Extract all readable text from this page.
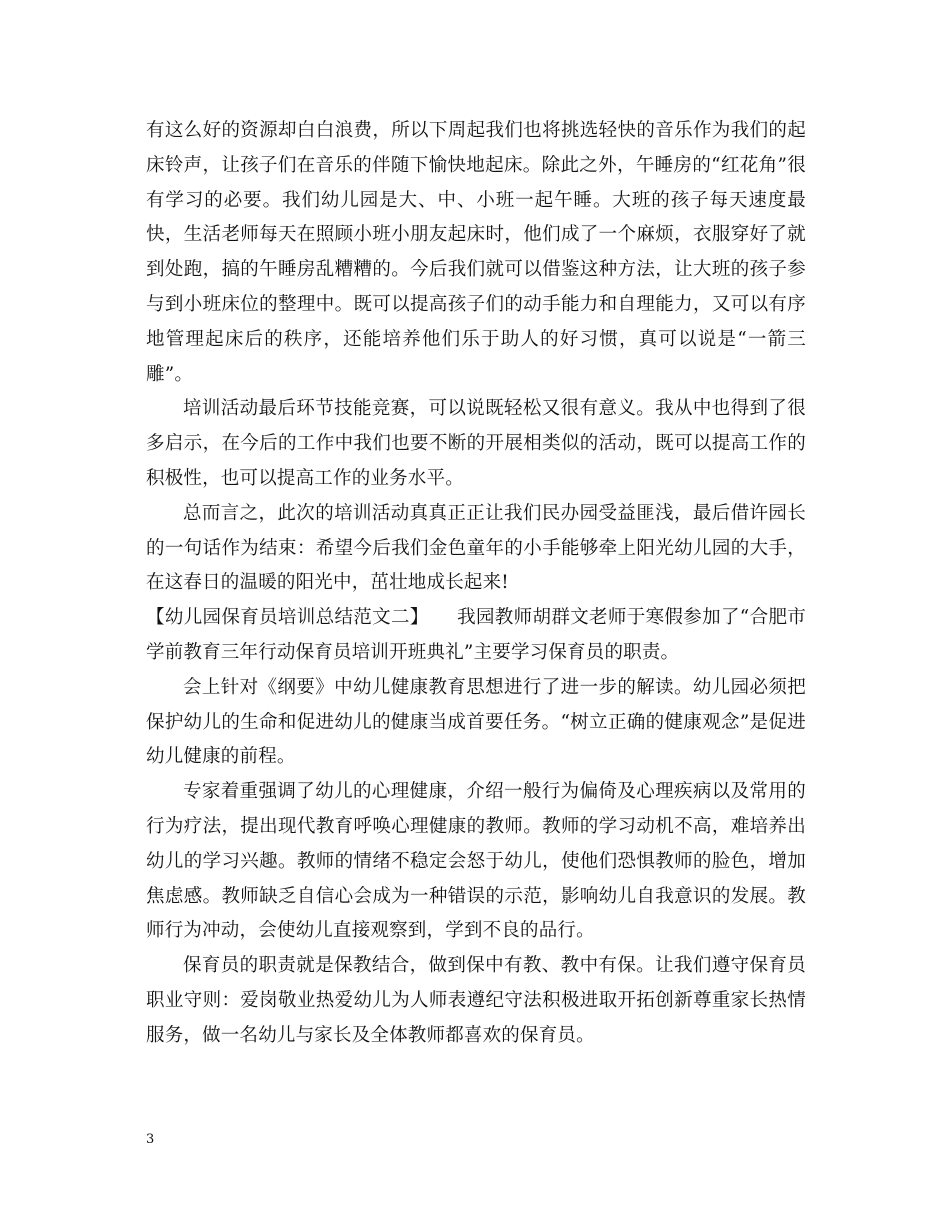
有这么好的资源却白白浪费，所以下周起我们也将挑选轻快的音乐作为我们的起床铃声，让孩子们在音乐的伴随下愉快地起床。除此之外，午睡房的“红花角”很有学习的必要。我们幼儿园是大、中、小班一起午睡。大班的孩子每天速度最快，生活老师每天在照顾小班小朋友起床时，他们成了一个麻烦，衣服穿好了就到处跑，搞的午睡房乱糟糟的。今后我们就可以借鉴这种方法，让大班的孩子参与到小班床位的整理中。既可以提高孩子们的动手能力和自理能力，又可以有序地管理起床后的秩序，还能培养他们乐于助人的好习惯，真可以说是“一箭三雕”。

培训活动最后环节技能竞赛，可以说既轻松又很有意义。我从中也得到了很多启示，在今后的工作中我们也要不断的开展相类似的活动，既可以提高工作的积极性，也可以提高工作的业务水平。

总而言之，此次的培训活动真真正正让我们民办园受益匪浅，最后借许园长的一句话作为结束：希望今后我们金色童年的小手能够牵上阳光幼儿园的大手，在这春日的温暖的阳光中，茁壮地成长起来!

【幼儿园保育员培训总结范文二】　　我园教师胡群文老师于寒假参加了“合肥市学前教育三年行动保育员培训开班典礼”主要学习保育员的职责。

会上针对《纲要》中幼儿健康教育思想进行了进一步的解读。幼儿园必须把保护幼儿的生命和促进幼儿的健康当成首要任务。“树立正确的健康观念”是促进幼儿健康的前程。

专家着重强调了幼儿的心理健康，介绍一般行为偏倚及心理疾病以及常用的行为疗法，提出现代教育呼唤心理健康的教师。教师的学习动机不高，难培养出幼儿的学习兴趣。教师的情绪不稳定会怒于幼儿，使他们恐惧教师的脸色，增加焦虑感。教师缺乏自信心会成为一种错误的示范，影响幼儿自我意识的发展。教师行为冲动，会使幼儿直接观察到，学到不良的品行。

保育员的职责就是保教结合，做到保中有教、教中有保。让我们遵守保育员职业守则：爱岗敬业热爱幼儿为人师表遵纪守法积极进取开拓创新尊重家长热情服务，做一名幼儿与家长及全体教师都喜欢的保育员。

3
